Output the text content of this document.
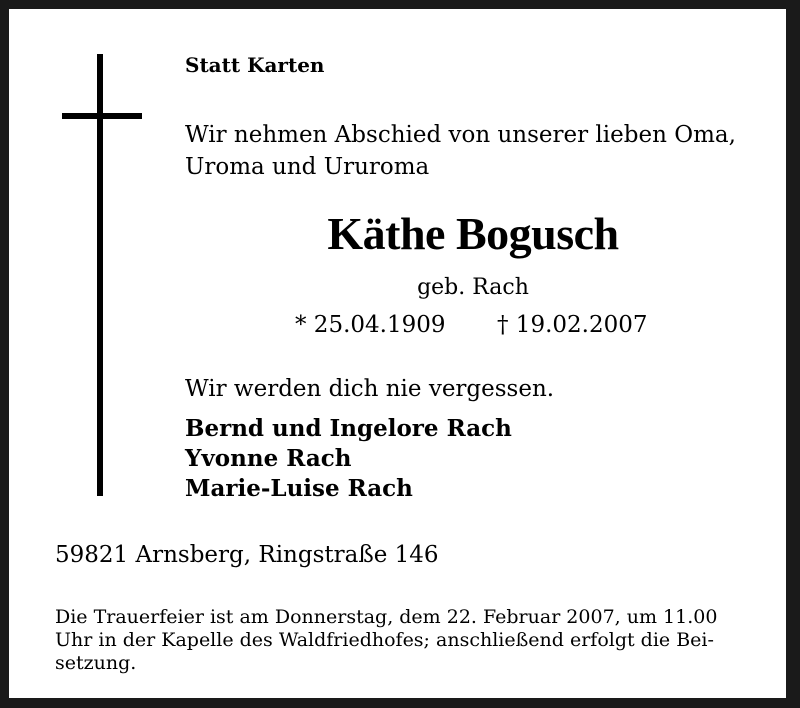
Statt Karten
Wir nehmen Abschied von unserer lieben Oma,
Uroma und Ururoma
Käthe Bogusch
geb. Rach
* 25.04.1909 † 19.02.2007
Wir werden dich nie vergessen.
Bernd und Ingelore Rach
Yvonne Rach
Marie-Luise Rach
59821 Arnsberg, Ringstraße 146
Die Trauerfeier ist am Donnerstag, dem 22. Februar 2007, um 11.00
Uhr in der Kapelle des Waldfriedhofes; anschließend erfolgt die Bei-
setzung.
